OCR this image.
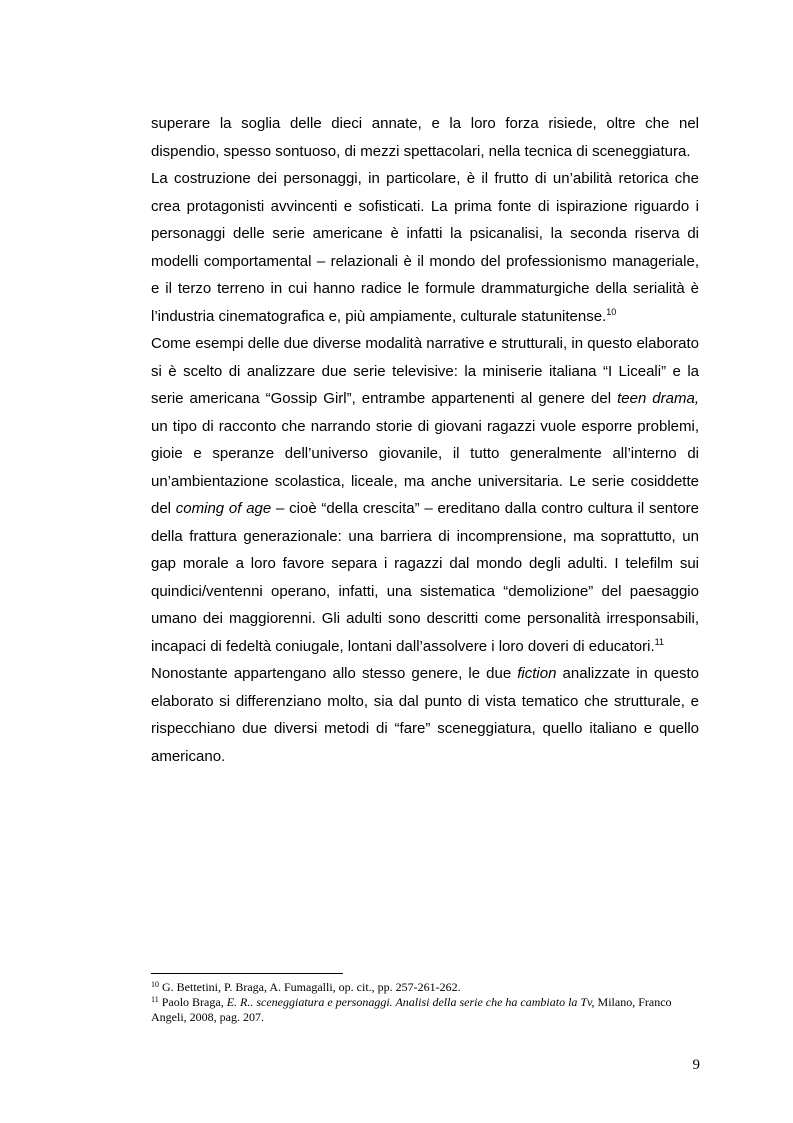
superare la soglia delle dieci annate, e la loro forza risiede, oltre che nel dispendio, spesso sontuoso, di mezzi spettacolari, nella tecnica di sceneggiatura.

La costruzione dei personaggi, in particolare, è il frutto di un’abilità retorica che crea protagonisti avvincenti e sofisticati. La prima fonte di ispirazione riguardo i personaggi delle serie americane è infatti la psicanalisi, la seconda riserva di modelli comportamental – relazionali è il mondo del professionismo manageriale, e il terzo terreno in cui hanno radice le formule drammaturgiche della serialità è l’industria cinematografica e, più ampiamente, culturale statunitense.$^{10}$

Come esempi delle due diverse modalità narrative e strutturali, in questo elaborato si è scelto di analizzare due serie televisive: la miniserie italiana “I Liceali” e la serie americana “Gossip Girl”, entrambe appartenenti al genere del teen drama, un tipo di racconto che narrando storie di giovani ragazzi vuole esporre problemi, gioie e speranze dell’universo giovanile, il tutto generalmente all’interno di un’ambientazione scolastica, liceale, ma anche universitaria. Le serie cosiddette del coming of age – cioè “della crescita” – ereditano dalla contro cultura il sentore della frattura generazionale: una barriera di incomprensione, ma soprattutto, un gap morale a loro favore separa i ragazzi dal mondo degli adulti. I telefilm sui quindici/ventenni operano, infatti, una sistematica “demolizione” del paesaggio umano dei maggiorenni. Gli adulti sono descritti come personalità irresponsabili, incapaci di fedeltà coniugale, lontani dall’assolvere i loro doveri di educatori.$^{11}$

Nonostante appartengano allo stesso genere, le due fiction analizzate in questo elaborato si differenziano molto, sia dal punto di vista tematico che strutturale, e rispecchiano due diversi metodi di “fare” sceneggiatura, quello italiano e quello americano.

$^{10}$ G. Bettetini, P. Braga, A. Fumagalli, op. cit., pp. 257-261-262.

$^{11}$ Paolo Braga, E. R.. sceneggiatura e personaggi. Analisi della serie che ha cambiato la Tv, Milano, Franco Angeli, 2008, pag. 207.

9
